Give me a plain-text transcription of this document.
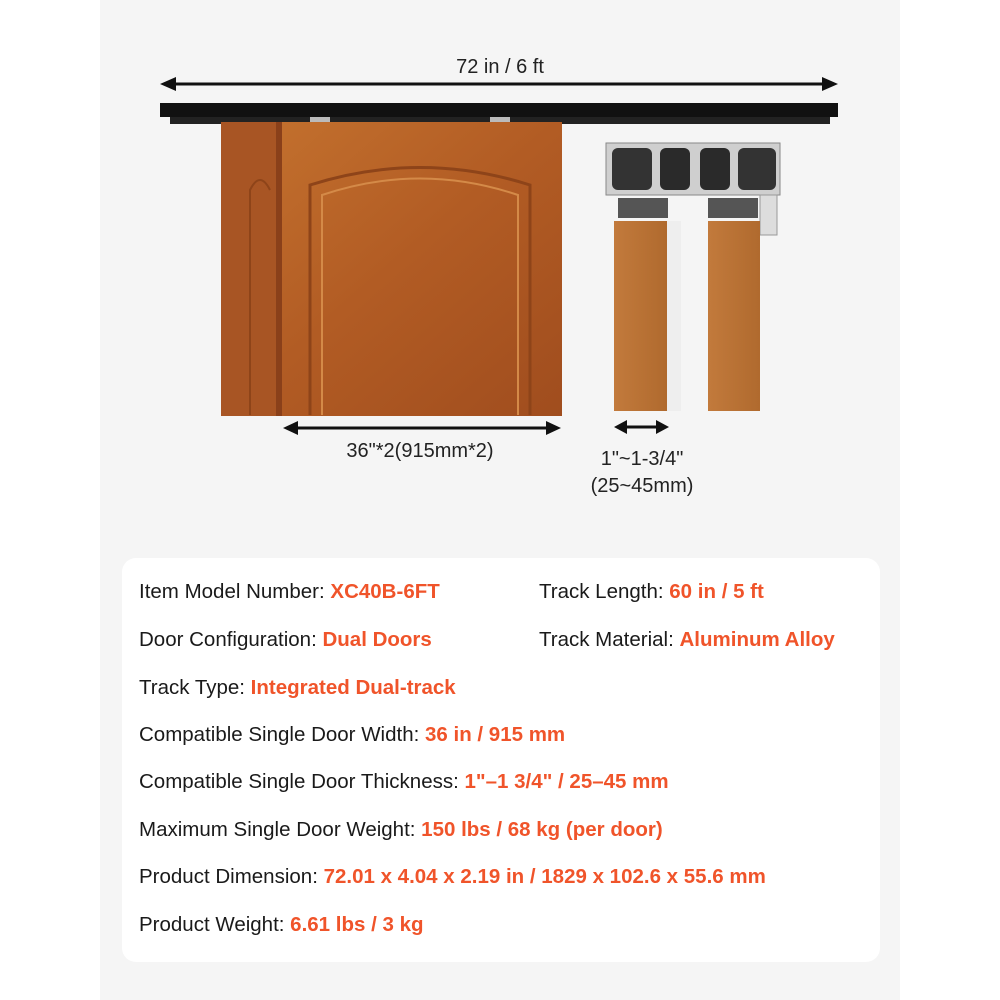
72 in / 6 ft
36"*2(915mm*2)	1"~1-3/4"
(25~45mm)
Item Model Number: XC40B-6FT	Track Length: 60 in / 5 ft
Door Configuration: Dual Doors	Track Material: Aluminum Alloy
Track Type: Integrated Dual-track
Compatible Single Door Width: 36 in / 915 mm
Compatible Single Door Thickness: 1"–1 3/4" / 25–45 mm
Maximum Single Door Weight: 150 lbs / 68 kg (per door)
Product Dimension: 72.01 x 4.04 x 2.19 in / 1829 x 102.6 x 55.6 mm
Product Weight: 6.61 lbs / 3 kg
